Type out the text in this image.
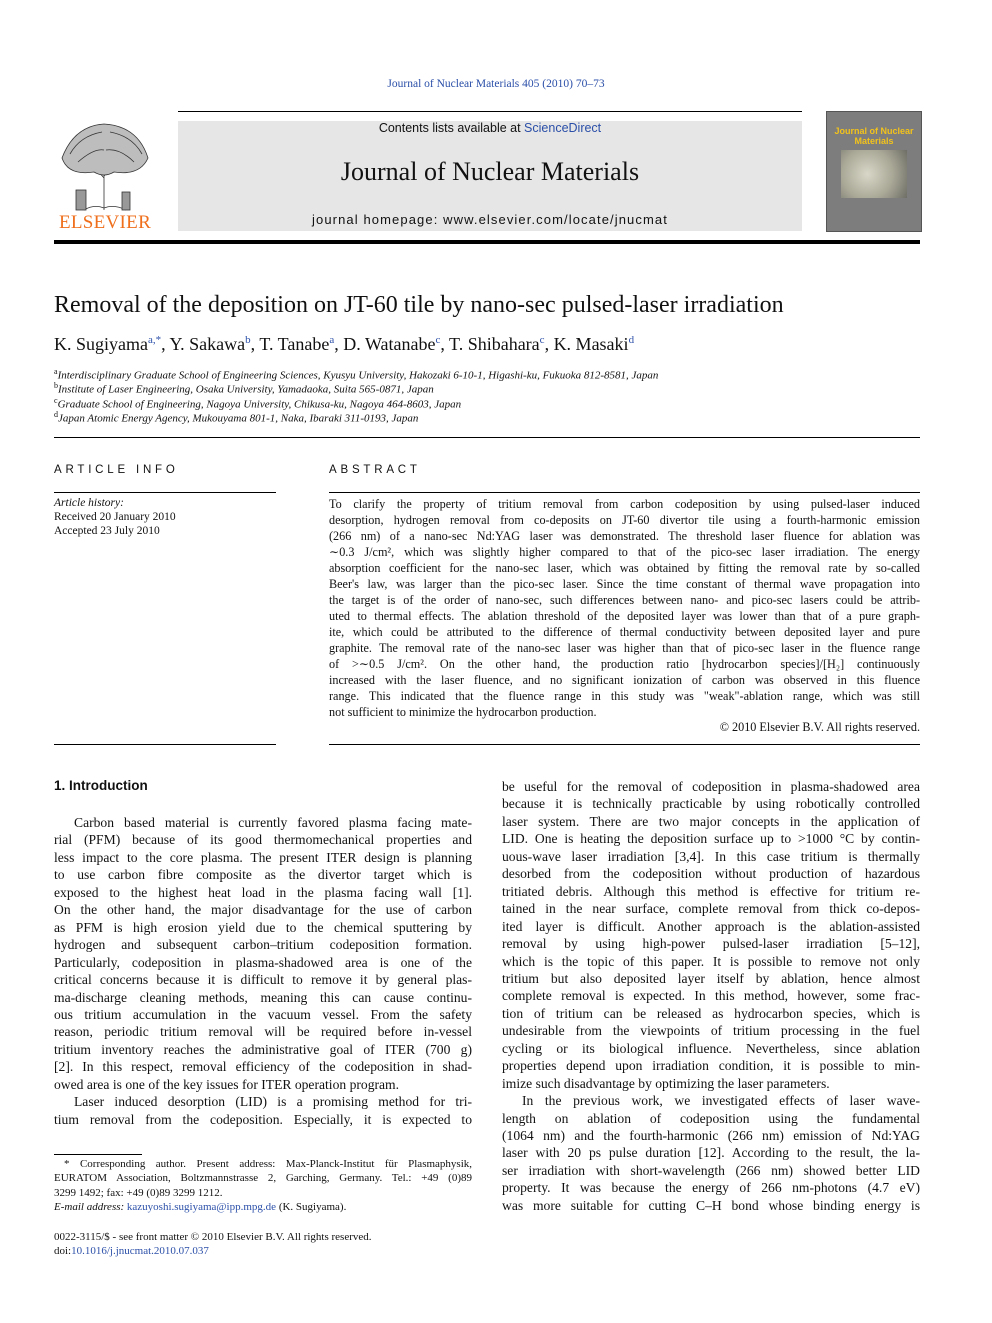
Journal of Nuclear Materials 405 (2010) 70–73
ELSEVIER
Contents lists available at ScienceDirect
Journal of Nuclear Materials
journal homepage: www.elsevier.com/locate/jnucmat
Journal of Nuclear Materials
Removal of the deposition on JT-60 tile by nano-sec pulsed-laser irradiation
K. Sugiyama$^{a,*}$, Y. Sakawa$^b$, T. Tanabe$^a$, D. Watanabe$^c$, T. Shibahara$^c$, K. Masaki$^d$
$^a$Interdisciplinary Graduate School of Engineering Sciences, Kyusyu University, Hakozaki 6-10-1, Higashi-ku, Fukuoka 812-8581, Japan
$^b$Institute of Laser Engineering, Osaka University, Yamadaoka, Suita 565-0871, Japan
$^c$Graduate School of Engineering, Nagoya University, Chikusa-ku, Nagoya 464-8603, Japan
$^d$Japan Atomic Energy Agency, Mukouyama 801-1, Naka, Ibaraki 311-0193, Japan
ARTICLE INFO
Article history:
Received 20 January 2010
Accepted 23 July 2010
ABSTRACT
To clarify the property of tritium removal from carbon codeposition by using pulsed-laser induced
desorption, hydrogen removal from co-deposits on JT-60 divertor tile using a fourth-harmonic emission
(266 nm) of a nano-sec Nd:YAG laser was demonstrated. The threshold laser fluence for ablation was
∼0.3 J/cm², which was slightly higher compared to that of the pico-sec laser irradiation. The energy
absorption coefficient for the nano-sec laser, which was obtained by fitting the removal rate by so-called
Beer's law, was larger than the pico-sec laser. Since the time constant of thermal wave propagation into
the target is of the order of nano-sec, such differences between nano- and pico-sec lasers could be attrib-
uted to thermal effects. The ablation threshold of the deposited layer was lower than that of a pure graph-
ite, which could be attributed to the difference of thermal conductivity between deposited layer and pure
graphite. The removal rate of the nano-sec laser was higher than that of pico-sec laser in the fluence range
of >∼0.5 J/cm². On the other hand, the production ratio [hydrocarbon species]/[H₂] continuously
increased with the laser fluence, and no significant ionization of carbon was observed in this fluence
range. This indicated that the fluence range in this study was "weak"-ablation range, which was still
not sufficient to minimize the hydrocarbon production.
© 2010 Elsevier B.V. All rights reserved.
1. Introduction
Carbon based material is currently favored plasma facing mate-
rial (PFM) because of its good thermomechanical properties and
less impact to the core plasma. The present ITER design is planning
to use carbon fibre composite as the divertor target which is
exposed to the highest heat load in the plasma facing wall [1].
On the other hand, the major disadvantage for the use of carbon
as PFM is high erosion yield due to the chemical sputtering by
hydrogen and subsequent carbon–tritium codeposition formation.
Particularly, codeposition in plasma-shadowed area is one of the
critical concerns because it is difficult to remove it by general plas-
ma-discharge cleaning methods, meaning this can cause continu-
ous tritium accumulation in the vacuum vessel. From the safety
reason, periodic tritium removal will be required before in-vessel
tritium inventory reaches the administrative goal of ITER (700 g)
[2]. In this respect, removal efficiency of the codeposition in shad-
owed area is one of the key issues for ITER operation program.
Laser induced desorption (LID) is a promising method for tri-
tium removal from the codeposition. Especially, it is expected to
be useful for the removal of codeposition in plasma-shadowed area
because it is technically practicable by using robotically controlled
laser system. There are two major concepts in the application of
LID. One is heating the deposition surface up to >1000 °C by contin-
uous-wave laser irradiation [3,4]. In this case tritium is thermally
desorbed from the codeposition without production of hazardous
tritiated debris. Although this method is effective for tritium re-
tained in the near surface, complete removal from thick co-depos-
ited layer is difficult. Another approach is the ablation-assisted
removal by using high-power pulsed-laser irradiation [5–12],
which is the topic of this paper. It is possible to remove not only
tritium but also deposited layer itself by ablation, hence almost
complete removal is expected. In this method, however, some frac-
tion of tritium can be released as hydrocarbon species, which is
undesirable from the viewpoints of tritium processing in the fuel
cycling or its biological influence. Nevertheless, since ablation
properties depend upon irradiation condition, it is possible to min-
imize such disadvantage by optimizing the laser parameters.
In the previous work, we investigated effects of laser wave-
length on ablation of codeposition using the fundamental
(1064 nm) and the fourth-harmonic (266 nm) emission of Nd:YAG
laser with 20 ps pulse duration [12]. According to the result, the la-
ser irradiation with short-wavelength (266 nm) showed better LID
property. It was because the energy of 266 nm-photons (4.7 eV)
was more suitable for cutting C–H bond whose binding energy is
* Corresponding author. Present address: Max-Planck-Institut für Plasmaphysik,
EURATOM Association, Boltzmannstrasse 2, Garching, Germany. Tel.: +49 (0)89
3299 1492; fax: +49 (0)89 3299 1212.
E-mail address: kazuyoshi.sugiyama@ipp.mpg.de (K. Sugiyama).
0022-3115/$ - see front matter © 2010 Elsevier B.V. All rights reserved.
doi:10.1016/j.jnucmat.2010.07.037
